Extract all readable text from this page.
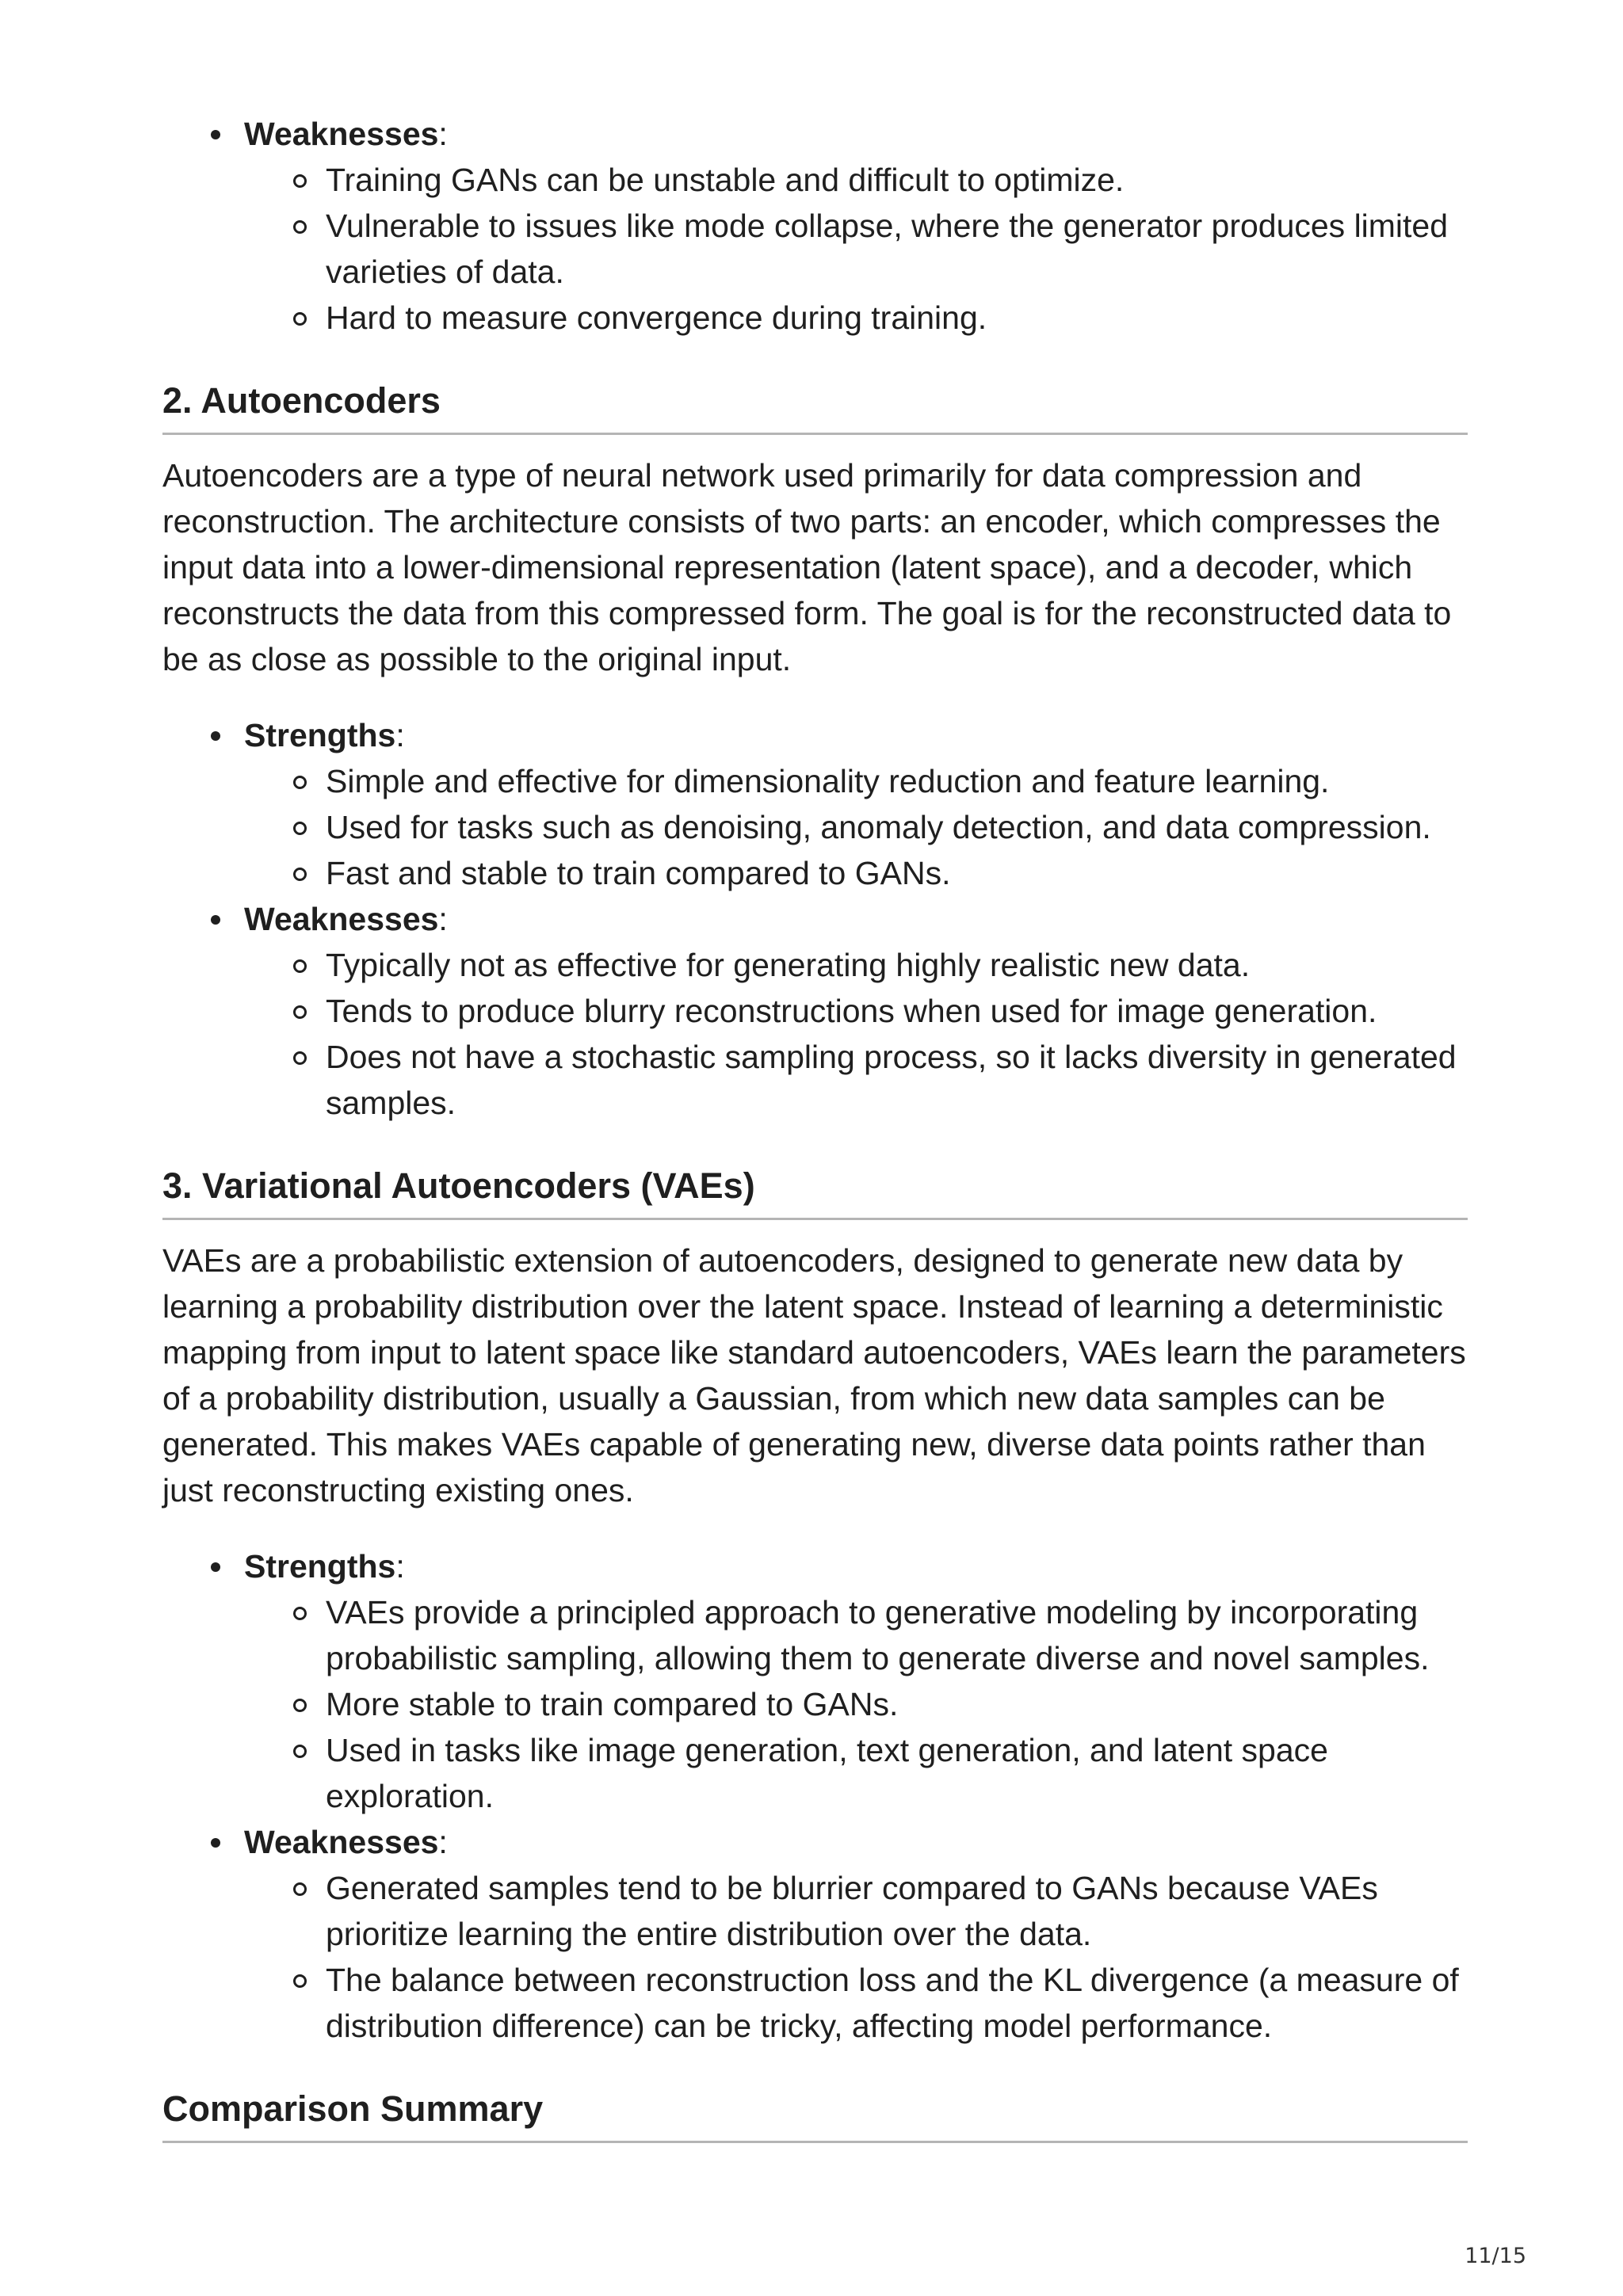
Weaknesses:
Training GANs can be unstable and difficult to optimize.
Vulnerable to issues like mode collapse, where the generator produces limited varieties of data.
Hard to measure convergence during training.
2. Autoencoders

Autoencoders are a type of neural network used primarily for data compression and reconstruction. The architecture consists of two parts: an encoder, which compresses the input data into a lower-dimensional representation (latent space), and a decoder, which reconstructs the data from this compressed form. The goal is for the reconstructed data to be as close as possible to the original input.

Strengths:
Simple and effective for dimensionality reduction and feature learning.
Used for tasks such as denoising, anomaly detection, and data compression.
Fast and stable to train compared to GANs.
Weaknesses:
Typically not as effective for generating highly realistic new data.
Tends to produce blurry reconstructions when used for image generation.
Does not have a stochastic sampling process, so it lacks diversity in generated samples.
3. Variational Autoencoders (VAEs)

VAEs are a probabilistic extension of autoencoders, designed to generate new data by learning a probability distribution over the latent space. Instead of learning a deterministic mapping from input to latent space like standard autoencoders, VAEs learn the parameters of a probability distribution, usually a Gaussian, from which new data samples can be generated. This makes VAEs capable of generating new, diverse data points rather than just reconstructing existing ones.

Strengths:
VAEs provide a principled approach to generative modeling by incorporating probabilistic sampling, allowing them to generate diverse and novel samples.
More stable to train compared to GANs.
Used in tasks like image generation, text generation, and latent space exploration.
Weaknesses:
Generated samples tend to be blurrier compared to GANs because VAEs prioritize learning the entire distribution over the data.
The balance between reconstruction loss and the KL divergence (a measure of distribution difference) can be tricky, affecting model performance.
Comparison Summary
11/15
